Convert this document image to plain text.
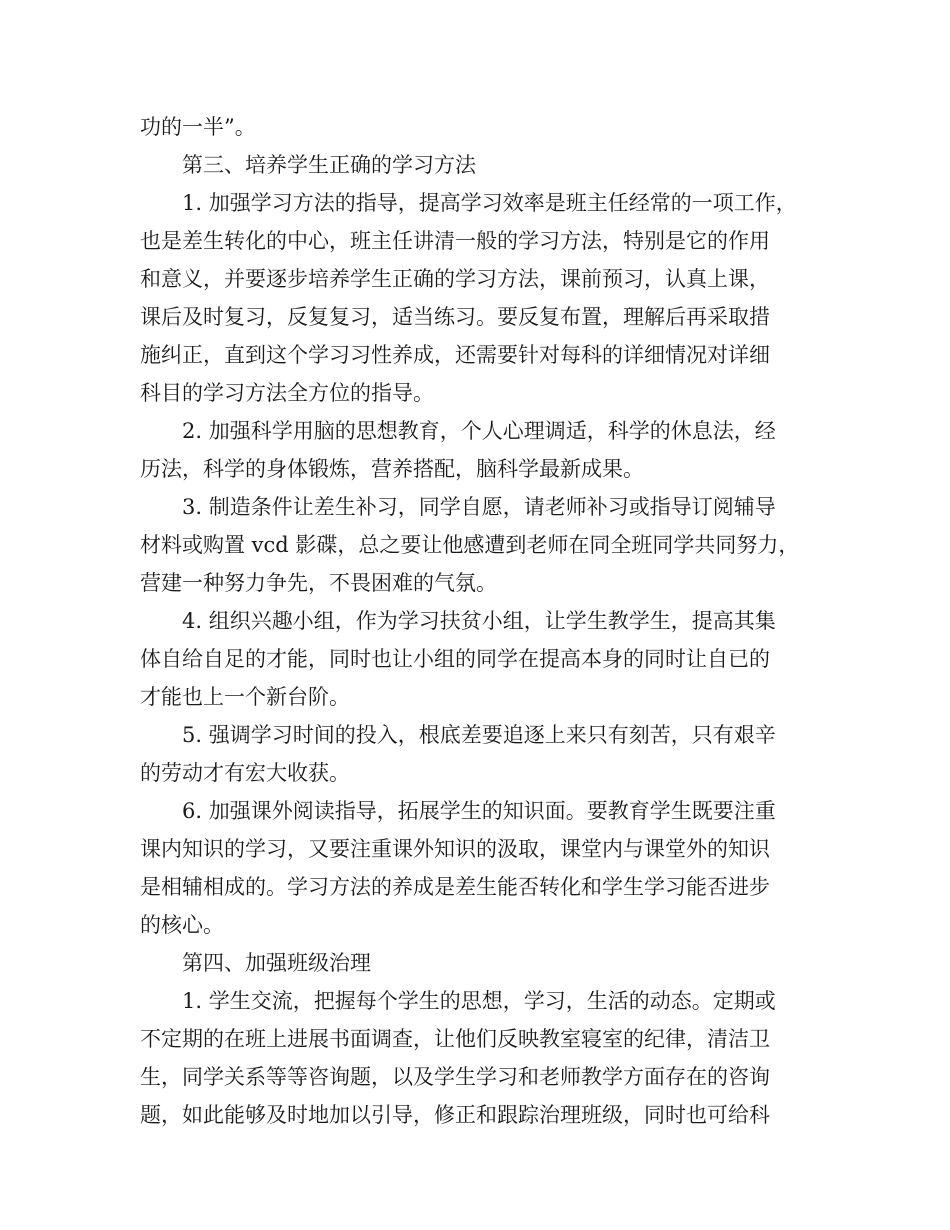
功的一半”。
第三、培养学生正确的学习方法
1. 加强学习方法的指导，提高学习效率是班主任经常的一项工作，
也是差生转化的中心，班主任讲清一般的学习方法，特别是它的作用
和意义，并要逐步培养学生正确的学习方法，课前预习，认真上课，
课后及时复习，反复复习，适当练习。要反复布置，理解后再采取措
施纠正，直到这个学习习性养成，还需要针对每科的详细情况对详细
科目的学习方法全方位的指导。
2. 加强科学用脑的思想教育，个人心理调适，科学的休息法，经
历法，科学的身体锻炼，营养搭配，脑科学最新成果。
3. 制造条件让差生补习，同学自愿，请老师补习或指导订阅辅导
材料或购置 vcd 影碟，总之要让他感遭到老师在同全班同学共同努力，
营建一种努力争先，不畏困难的气氛。
4. 组织兴趣小组，作为学习扶贫小组，让学生教学生，提高其集
体自给自足的才能，同时也让小组的同学在提高本身的同时让自已的
才能也上一个新台阶。
5. 强调学习时间的投入，根底差要追逐上来只有刻苦，只有艰辛
的劳动才有宏大收获。
6. 加强课外阅读指导，拓展学生的知识面。要教育学生既要注重
课内知识的学习，又要注重课外知识的汲取，课堂内与课堂外的知识
是相辅相成的。学习方法的养成是差生能否转化和学生学习能否进步
的核心。
第四、加强班级治理
1. 学生交流，把握每个学生的思想，学习，生活的动态。定期或
不定期的在班上进展书面调查，让他们反映教室寝室的纪律，清洁卫
生，同学关系等等咨询题，以及学生学习和老师教学方面存在的咨询
题，如此能够及时地加以引导，修正和跟踪治理班级，同时也可给科
